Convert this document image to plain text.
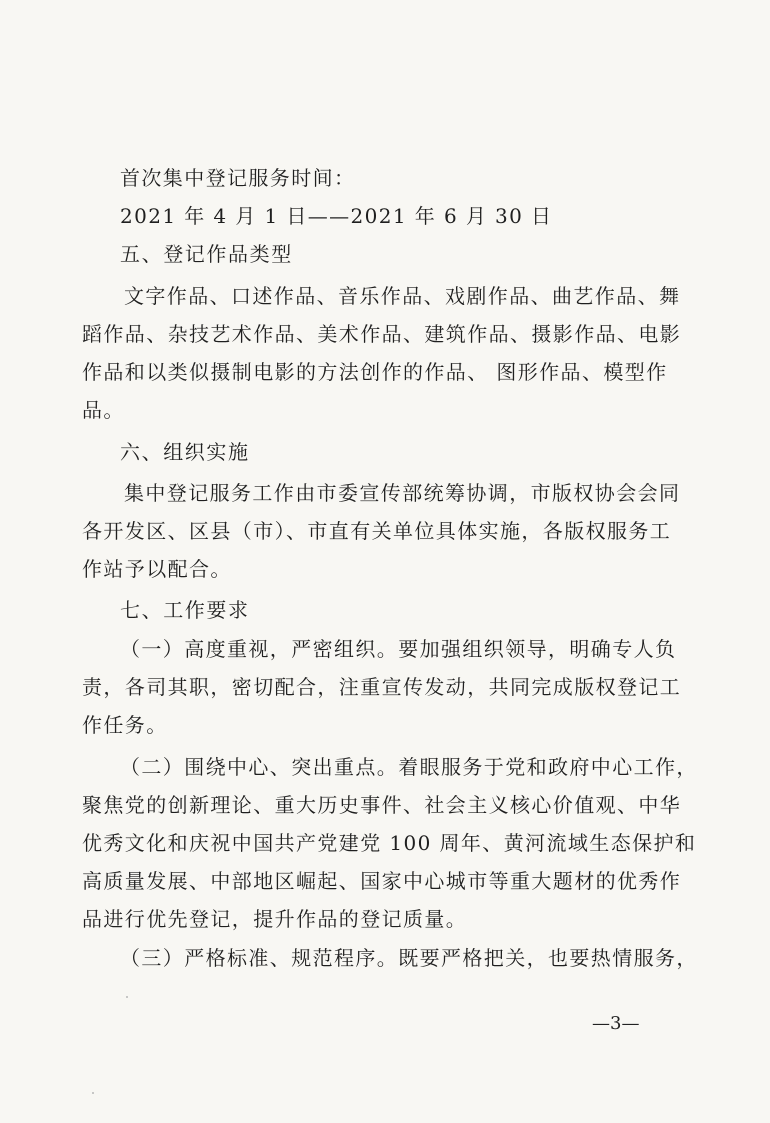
首次集中登记服务时间：
2021 年 4 月 1 日——2021 年 6 月 30 日
五、登记作品类型
文字作品、口述作品、音乐作品、戏剧作品、曲艺作品、舞
蹈作品、杂技艺术作品、美术作品、建筑作品、摄影作品、电影
作品和以类似摄制电影的方法创作的作品、 图形作品、模型作
品。
六、组织实施
集中登记服务工作由市委宣传部统筹协调，市版权协会会同
各开发区、区县（市）、市直有关单位具体实施，各版权服务工
作站予以配合。
七、工作要求
（一）高度重视，严密组织。要加强组织领导，明确专人负
责，各司其职，密切配合，注重宣传发动，共同完成版权登记工
作任务。
（二）围绕中心、突出重点。着眼服务于党和政府中心工作，
聚焦党的创新理论、重大历史事件、社会主义核心价值观、中华
优秀文化和庆祝中国共产党建党 100 周年、黄河流域生态保护和
高质量发展、中部地区崛起、国家中心城市等重大题材的优秀作
品进行优先登记，提升作品的登记质量。
（三）严格标准、规范程序。既要严格把关，也要热情服务，
—3—
